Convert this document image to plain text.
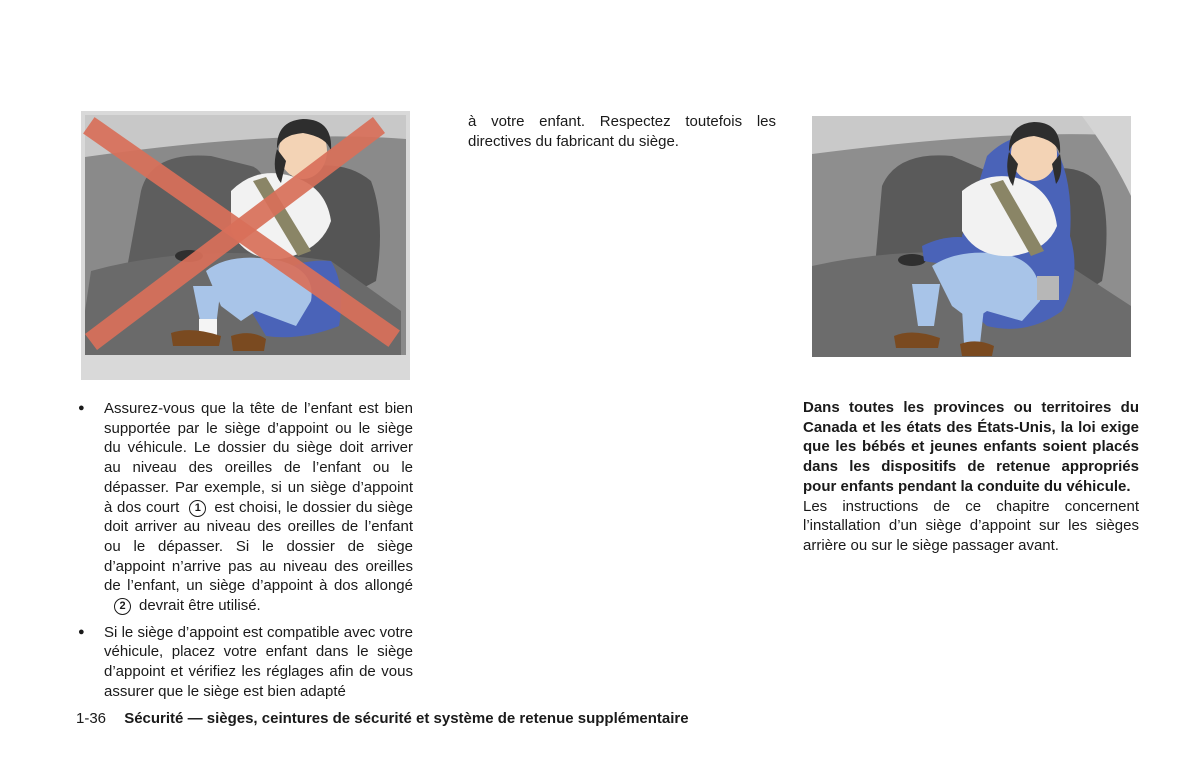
à votre enfant. Respectez toutefois les directives du fabricant du siège.

● Assurez-vous que la tête de l’enfant est bien supportée par le siège d’appoint ou le siège du véhicule. Le dossier du siège doit arriver au niveau des oreilles de l’enfant ou le dépasser. Par exemple, si un siège d’appoint à dos court 1 est choisi, le dossier du siège doit arriver au niveau des oreilles de l’enfant ou le dépasser. Si le dossier de siège d’appoint n’arrive pas au niveau des oreilles de l’enfant, un siège d’appoint à dos allongé2 devrait être utilisé.
● Si le siège d’appoint est compatible avec votre véhicule, placez votre enfant dans le siège d’appoint et vérifiez les réglages afin de vous assurer que le siège est bien adapté

Dans toutes les provinces ou territoires du Canada et les états des États-Unis, la loi exige que les bébés et jeunes enfants soient placés dans les dispositifs de retenue appropriés pour enfants pendant la conduite du véhicule.

Les instructions de ce chapitre concernent l’installation d’un siège d’appoint sur les sièges arrière ou sur le siège passager avant.

1-36 Sécurité — sièges, ceintures de sécurité et système de retenue supplémentaire
